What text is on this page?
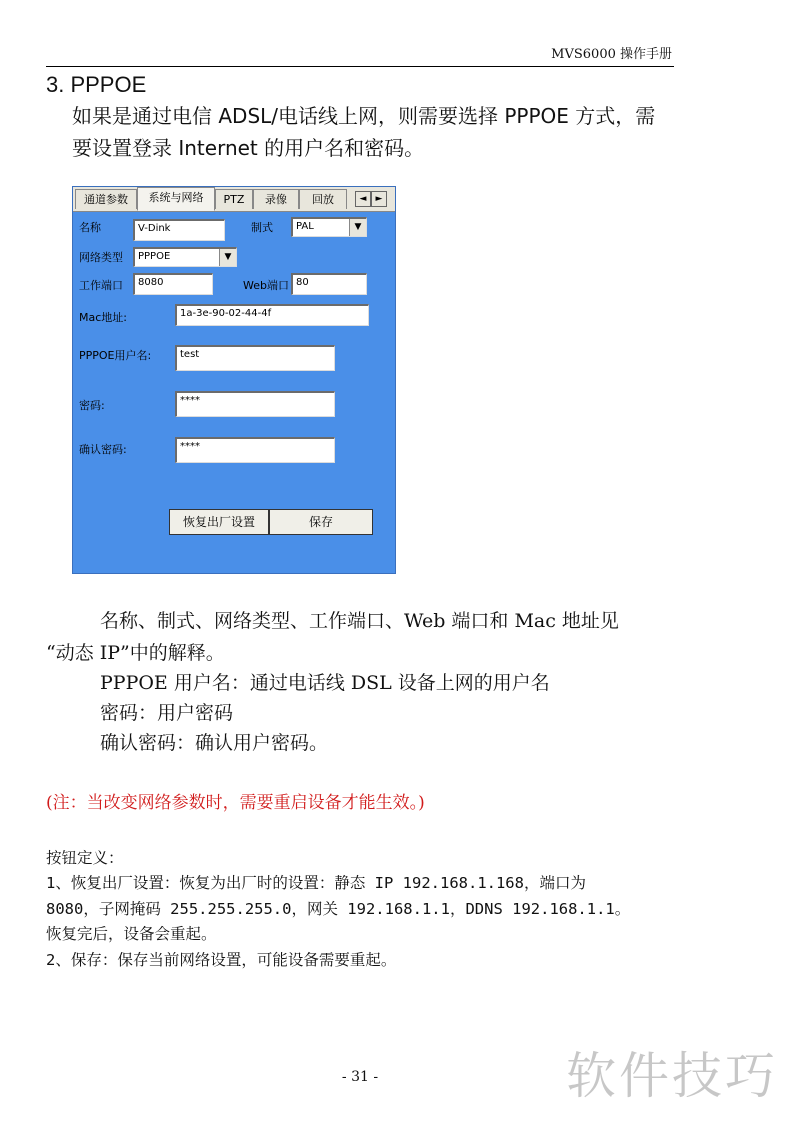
MVS6000 操作手册
3. PPPOE
如果是通过电信 ADSL/电话线上网，则需要选择 PPPOE 方式，需
要设置登录 Internet 的用户名和密码。
通道参数	系统与网络	PTZ	录像	回放	◄	►
名称	V-Dink	制式 PAL	▼
网络类型 PPPOE	▼
工作端口	8080	Web端口 80
Mac地址:	1a-3e-90-02-44-4f
PPPOE用户名:	test
密码:	****
确认密码:	****
恢复出厂设置	保存
名称、制式、网络类型、工作端口、Web 端口和 Mac 地址见
“动态 IP”中的解释。
PPPOE 用户名：通过电话线 DSL 设备上网的用户名
密码：用户密码
确认密码：确认用户密码。
(注：当改变网络参数时，需要重启设备才能生效。)
按钮定义：
1、恢复出厂设置：恢复为出厂时的设置：静态 IP 192.168.1.168，端口为
8080，子网掩码 255.255.255.0，网关 192.168.1.1，DDNS 192.168.1.1。
恢复完后，设备会重起。
2、保存：保存当前网络设置，可能设备需要重起。
- 31 -	软件技巧
